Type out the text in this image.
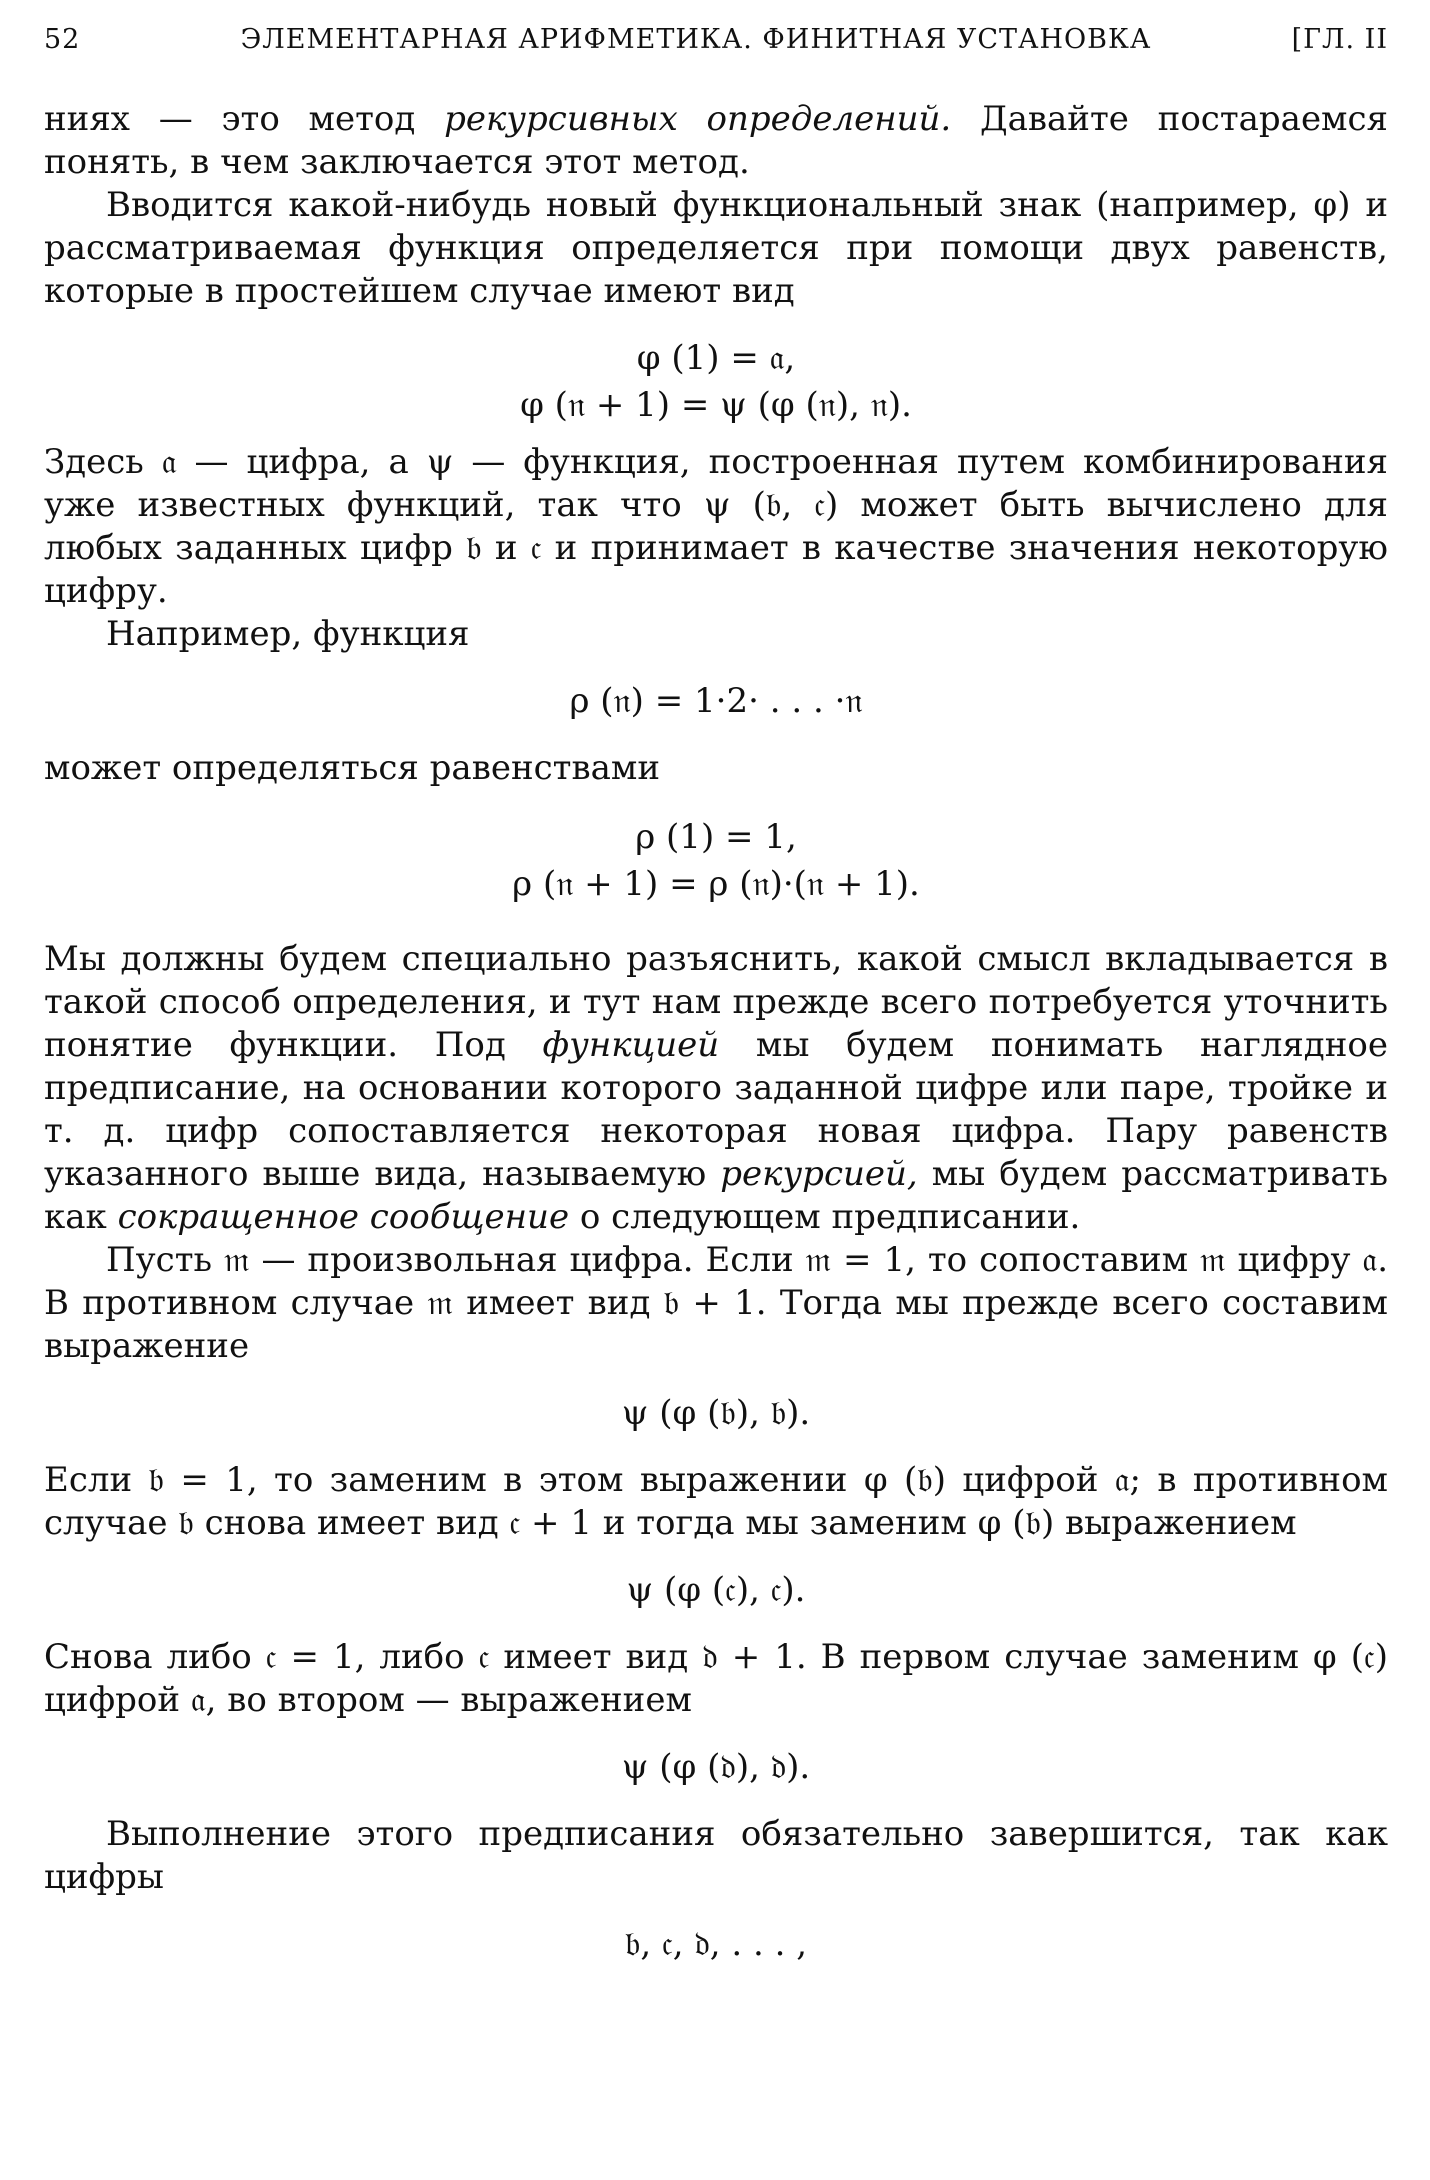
52	ЭЛЕМЕНТАРНАЯ АРИФМЕТИКА. ФИНИТНАЯ УСТАНОВКА	[ГЛ. II

ниях — это метод рекурсивных определений. Давайте постараемся понять, в чем заключается этот метод.

Вводится какой-нибудь новый функциональный знак (например, φ) и рассматриваемая функция определяется при помощи двух равенств, которые в простейшем случае имеют вид

φ (1) = 𝔞,

φ (𝔫 + 1) = ψ (φ (𝔫), 𝔫).

Здесь 𝔞 — цифра, а ψ — функция, построенная путем комбинирования уже известных функций, так что ψ (𝔟, 𝔠) может быть вычислено для любых заданных цифр 𝔟 и 𝔠 и принимает в качестве значения некоторую цифру.

Например, функция

ρ (𝔫) = 1·2· . . . ·𝔫

может определяться равенствами

ρ (1) = 1,

ρ (𝔫 + 1) = ρ (𝔫)·(𝔫 + 1).

Мы должны будем специально разъяснить, какой смысл вкладывается в такой способ определения, и тут нам прежде всего потребуется уточнить понятие функции. Под функцией мы будем понимать наглядное предписание, на основании которого заданной цифре или паре, тройке и т. д. цифр сопоставляется некоторая новая цифра. Пару равенств указанного выше вида, называемую рекурсией, мы будем рассматривать как сокращенное сообщение о следующем предписании.

Пусть 𝔪 — произвольная цифра. Если 𝔪 = 1, то сопоставим 𝔪 цифру 𝔞. В противном случае 𝔪 имеет вид 𝔟 + 1. Тогда мы прежде всего составим выражение

ψ (φ (𝔟), 𝔟).

Если 𝔟 = 1, то заменим в этом выражении φ (𝔟) цифрой 𝔞; в противном случае 𝔟 снова имеет вид 𝔠 + 1 и тогда мы заменим φ (𝔟) выражением

ψ (φ (𝔠), 𝔠).

Снова либо 𝔠 = 1, либо 𝔠 имеет вид 𝔡 + 1. В первом случае заменим φ (𝔠) цифрой 𝔞, во втором — выражением

ψ (φ (𝔡), 𝔡).

Выполнение этого предписания обязательно завершится, так как цифры

𝔟, 𝔠, 𝔡, . . . ,
